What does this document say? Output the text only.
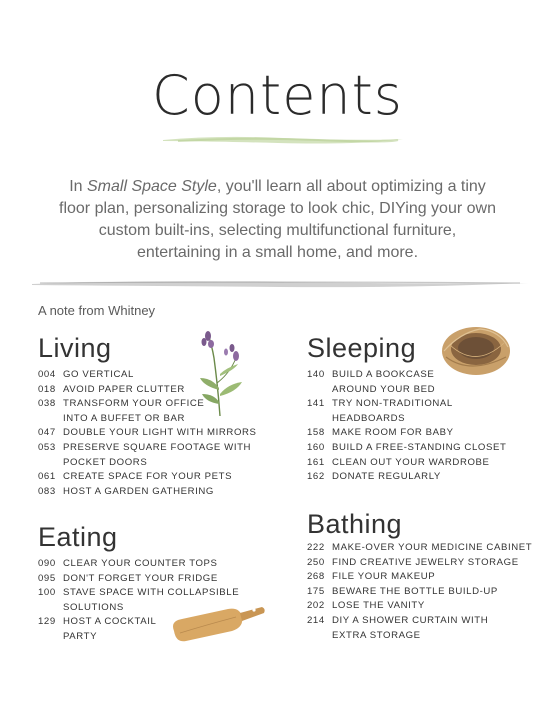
Contents
In Small Space Style, you'll learn all about optimizing a tiny floor plan, personalizing storage to look chic, DIYing your own custom built-ins, selecting multifunctional furniture, entertaining in a small home, and more.
A note from Whitney
Living
004 GO VERTICAL
018 AVOID PAPER CLUTTER
038 TRANSFORM YOUR OFFICE
INTO A BUFFET OR BAR
047 DOUBLE YOUR LIGHT WITH MIRRORS
053 PRESERVE SQUARE FOOTAGE WITH
POCKET DOORS
061 CREATE SPACE FOR YOUR PETS
083 HOST A GARDEN GATHERING
Sleeping
140 BUILD A BOOKCASE
AROUND YOUR BED
141 TRY NON-TRADITIONAL
HEADBOARDS
158 MAKE ROOM FOR BABY
160 BUILD A FREE-STANDING CLOSET
161 CLEAN OUT YOUR WARDROBE
162 DONATE REGULARLY
Eating
090 CLEAR YOUR COUNTER TOPS
095 DON'T FORGET YOUR FRIDGE
100 STAVE SPACE WITH COLLAPSIBLE
SOLUTIONS
129 HOST A COCKTAIL
PARTY
Bathing
222 MAKE-OVER YOUR MEDICINE CABINET
250 FIND CREATIVE JEWELRY STORAGE
268 FILE YOUR MAKEUP
175 BEWARE THE BOTTLE BUILD-UP
202 LOSE THE VANITY
214 DIY A SHOWER CURTAIN WITH
EXTRA STORAGE
